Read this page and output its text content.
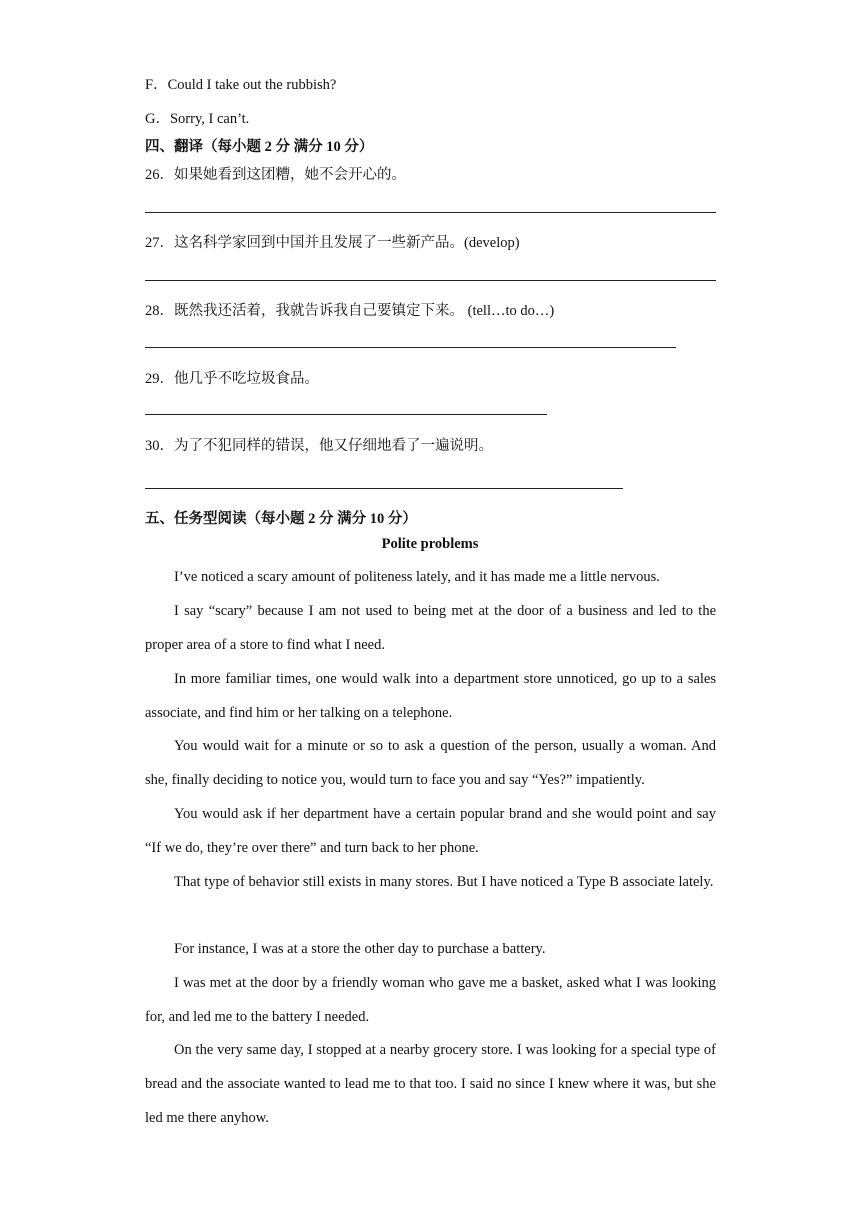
F．Could I take out the rubbish?
G．Sorry, I can’t.
四、翻译（每小题 2 分 满分 10 分）
26．如果她看到这团糟，她不会开心的。
27．这名科学家回到中国并且发展了一些新产品。(develop)
28．既然我还活着，我就告诉我自己要镇定下来。 (tell…to do…)
29．他几乎不吃垃圾食品。
30．为了不犯同样的错误，他又仔细地看了一遍说明。
五、任务型阅读（每小题 2 分 满分 10 分）
Polite problems
I’ve noticed a scary amount of politeness lately, and it has made me a little nervous.
I say “scary” because I am not used to being met at the door of a business and led to the proper area of a store to find what I need.
In more familiar times, one would walk into a department store unnoticed, go up to a sales associate, and find him or her talking on a telephone.
You would wait for a minute or so to ask a question of the person, usually a woman. And she, finally deciding to notice you, would turn to face you and say “Yes?” impatiently.
You would ask if her department have a certain popular brand and she would point and say “If we do, they’re over there” and turn back to her phone.
That type of behavior still exists in many stores. But I have noticed a Type B associate lately.
For instance, I was at a store the other day to purchase a battery.
I was met at the door by a friendly woman who gave me a basket, asked what I was looking for, and led me to the battery I needed.
On the very same day, I stopped at a nearby grocery store. I was looking for a special type of bread and the associate wanted to lead me to that too. I said no since I knew where it was, but she led me there anyhow.
